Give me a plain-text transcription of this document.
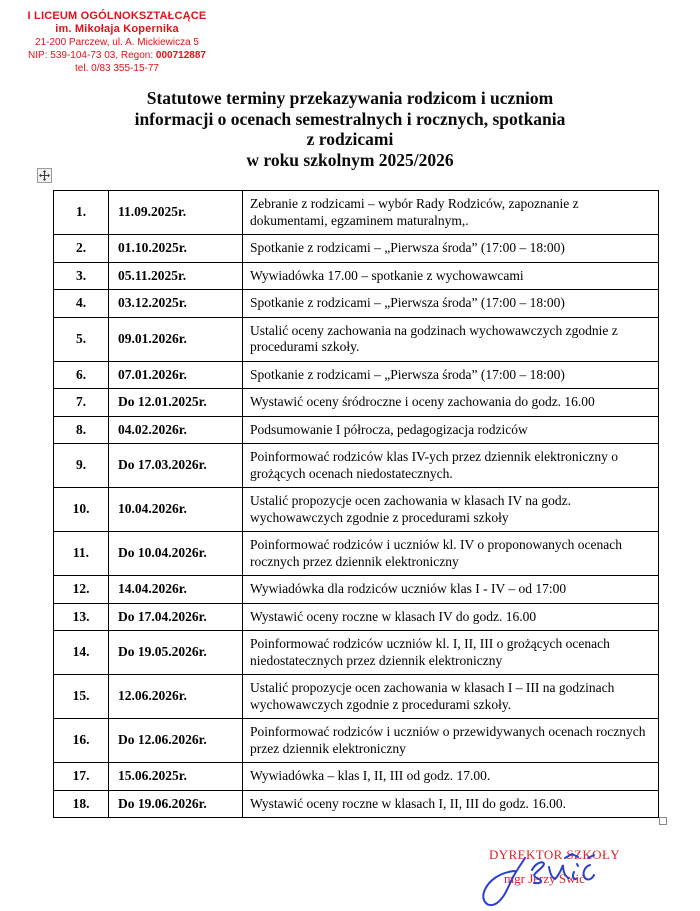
I LICEUM OGÓLNOKSZTAŁCĄCE
im. Mikołaja Kopernika
21-200 Parczew, ul. A. Mickiewicza 5
NIP: 539-104-73 03, Regon: 000712887
tel. 0/83 355-15-77
Statutowe terminy przekazywania rodzicom i uczniom
informacji o ocenach semestralnych i rocznych, spotkania
z rodzicami
w roku szkolnym 2025/2026
1.	11.09.2025r.	Zebranie z rodzicami – wybór Rady Rodziców, zapoznanie z dokumentami, egzaminem maturalnym,.
2.	01.10.2025r.	Spotkanie z rodzicami – „Pierwsza środa” (17:00 – 18:00)
3.	05.11.2025r.	Wywiadówka 17.00 – spotkanie z wychowawcami
4.	03.12.2025r.	Spotkanie z rodzicami – „Pierwsza środa” (17:00 – 18:00)
5.	09.01.2026r.	Ustalić oceny zachowania na godzinach wychowawczych zgodnie z procedurami szkoły.
6.	07.01.2026r.	Spotkanie z rodzicami – „Pierwsza środa” (17:00 – 18:00)
7.	Do 12.01.2025r.	Wystawić oceny śródroczne i oceny zachowania do godz. 16.00
8.	04.02.2026r.	Podsumowanie I półrocza, pedagogizacja rodziców
9.	Do 17.03.2026r.	Poinformować rodziców klas IV-ych przez dziennik elektroniczny o grożących ocenach niedostatecznych.
10.	10.04.2026r.	Ustalić propozycje ocen zachowania w klasach IV na godz. wychowawczych zgodnie z procedurami szkoły
11.	Do 10.04.2026r.	Poinformować rodziców i uczniów kl. IV o proponowanych ocenach rocznych przez dziennik elektroniczny
12.	14.04.2026r.	Wywiadówka dla rodziców uczniów klas I - IV – od 17:00
13.	Do 17.04.2026r.	Wystawić oceny roczne w klasach IV do godz. 16.00
14.	Do 19.05.2026r.	Poinformować rodziców uczniów kl. I, II, III o grożących ocenach niedostatecznych przez dziennik elektroniczny
15.	12.06.2026r.	Ustalić propozycje ocen zachowania w klasach I – III na godzinach wychowawczych zgodnie z procedurami szkoły.
16.	Do 12.06.2026r.	Poinformować rodziców i uczniów o przewidywanych ocenach rocznych przez dziennik elektroniczny
17.	15.06.2025r.	Wywiadówka – klas I, II, III od godz. 17.00.
18.	Do 19.06.2026r.	Wystawić oceny roczne w klasach I, II, III do godz. 16.00.
DYREKTOR SZKOŁY
mgr Jerzy Swić
